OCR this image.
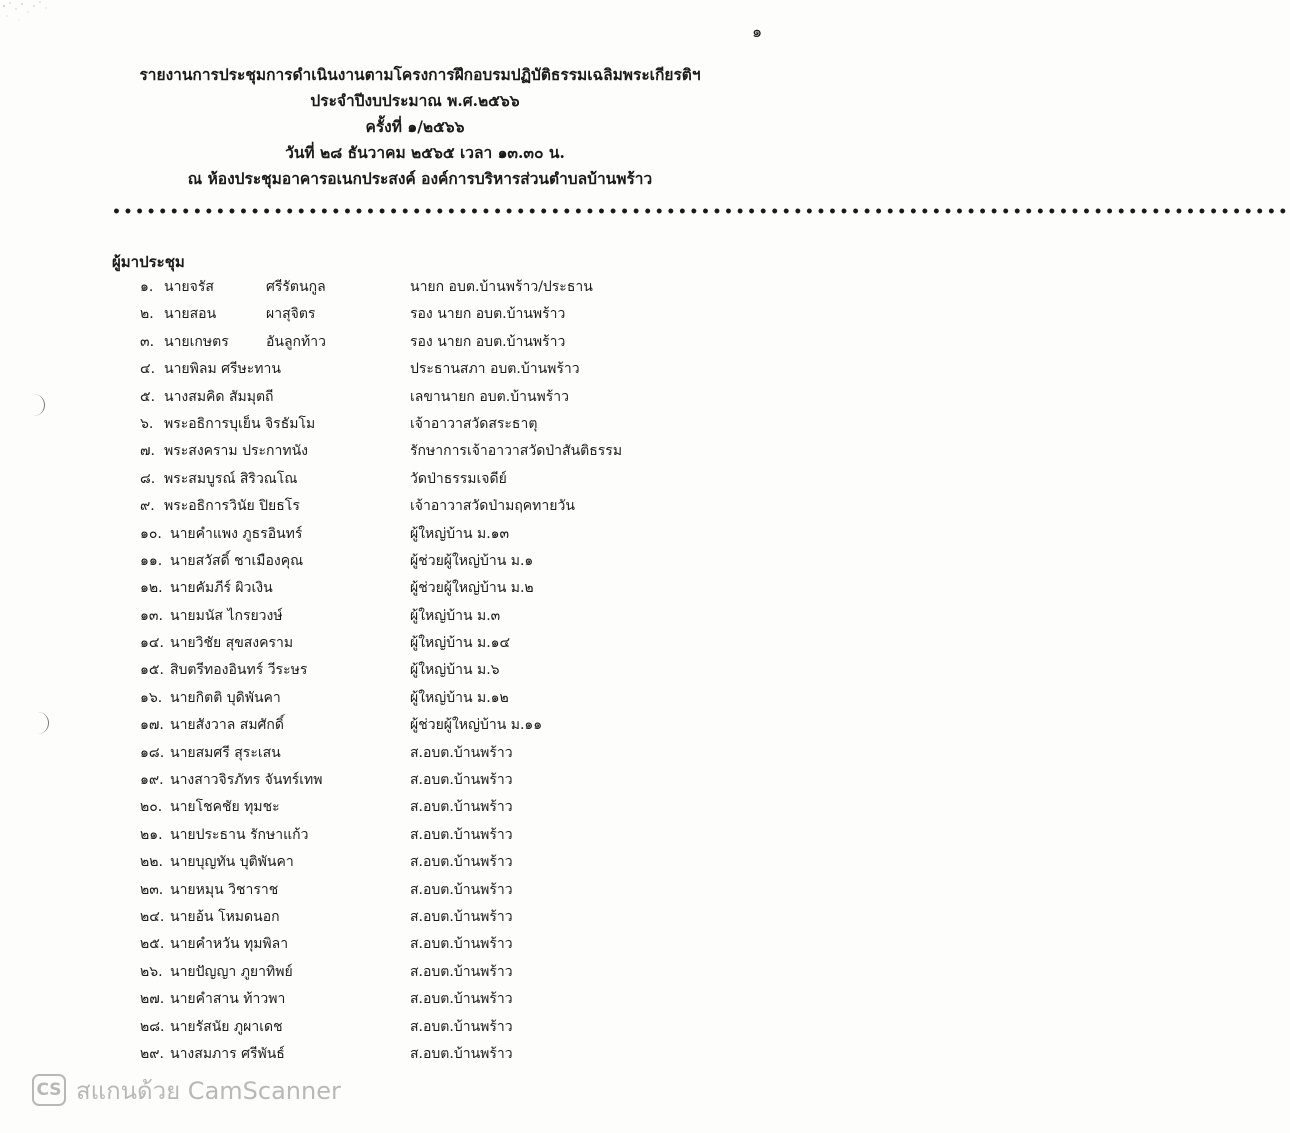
๑
รายงานการประชุมการดำเนินงานตามโครงการฝึกอบรมปฏิบัติธรรมเฉลิมพระเกียรติฯ
ประจำปีงบประมาณ พ.ศ.๒๕๖๖
ครั้งที่ ๑/๒๕๖๖
วันที่ ๒๘ ธันวาคม ๒๕๖๕ เวลา ๑๓.๓๐ น.
ณ ห้องประชุมอาคารอเนกประสงค์ องค์การบริหารส่วนตำบลบ้านพร้าว
••••••••••••••••••••••••••••••••••••••••••••••••••••••••••••••••••••••••••••••••••••••••••••••••••••••
ผู้มาประชุม
๑. นายจรัส	ศรีรัตนกูล	นายก อบต.บ้านพร้าว/ประธาน
๒. นายสอน	ผาสุจิตร	รอง นายก อบต.บ้านพร้าว
๓. นายเกษตร	อันลูกท้าว	รอง นายก อบต.บ้านพร้าว
๔. นายพิลม ศรีษะทาน	ประธานสภา อบต.บ้านพร้าว
๕. นางสมคิด สัมมุตถี	เลขานายก อบต.บ้านพร้าว
๖. พระอธิการบุเย็น จิรธัมโม	เจ้าอาวาสวัดสระธาตุ
๗. พระสงคราม ประกาทนัง	รักษาการเจ้าอาวาสวัดป่าสันติธรรม
๘. พระสมบูรณ์ สิริวณโณ	วัดป่าธรรมเจดีย์
๙. พระอธิการวินัย ปิยธโร	เจ้าอาวาสวัดป่ามฤคทายวัน
๑๐. นายคำแพง ภูธรอินทร์	ผู้ใหญ่บ้าน ม.๑๓
๑๑. นายสวัสดิ์ ชาเมืองคุณ	ผู้ช่วยผู้ใหญ่บ้าน ม.๑
๑๒. นายคัมภีร์ ผิวเงิน	ผู้ช่วยผู้ใหญ่บ้าน ม.๒
๑๓. นายมนัส ไกรยวงษ์	ผู้ใหญ่บ้าน ม.๓
๑๔. นายวิชัย สุขสงคราม	ผู้ใหญ่บ้าน ม.๑๔
๑๕. สิบตรีทองอินทร์ วีระษร	ผู้ใหญ่บ้าน ม.๖
๑๖. นายกิตติ บุดิพันคา	ผู้ใหญ่บ้าน ม.๑๒
๑๗. นายสังวาล สมศักดิ์	ผู้ช่วยผู้ใหญ่บ้าน ม.๑๑
๑๘. นายสมศรี สุระเสน	ส.อบต.บ้านพร้าว
๑๙. นางสาวจิรภัทร จันทร์เทพ	ส.อบต.บ้านพร้าว
๒๐. นายโชคชัย ทุมชะ	ส.อบต.บ้านพร้าว
๒๑. นายประธาน รักษาแก้ว	ส.อบต.บ้านพร้าว
๒๒. นายบุญทัน บุติพันคา	ส.อบต.บ้านพร้าว
๒๓. นายหมุน วิชาราช	ส.อบต.บ้านพร้าว
๒๔. นายอ้น โหมดนอก	ส.อบต.บ้านพร้าว
๒๕. นายคำหวัน ทุมพิลา	ส.อบต.บ้านพร้าว
๒๖. นายปัญญา ภูยาทิพย์	ส.อบต.บ้านพร้าว
๒๗. นายคำสาน ท้าวพา	ส.อบต.บ้านพร้าว
๒๘. นายรัสนัย ภูผาเดช	ส.อบต.บ้านพร้าว
๒๙. นางสมภาร ศรีพันธ์	ส.อบต.บ้านพร้าว
CS สแกนด้วย CamScanner
